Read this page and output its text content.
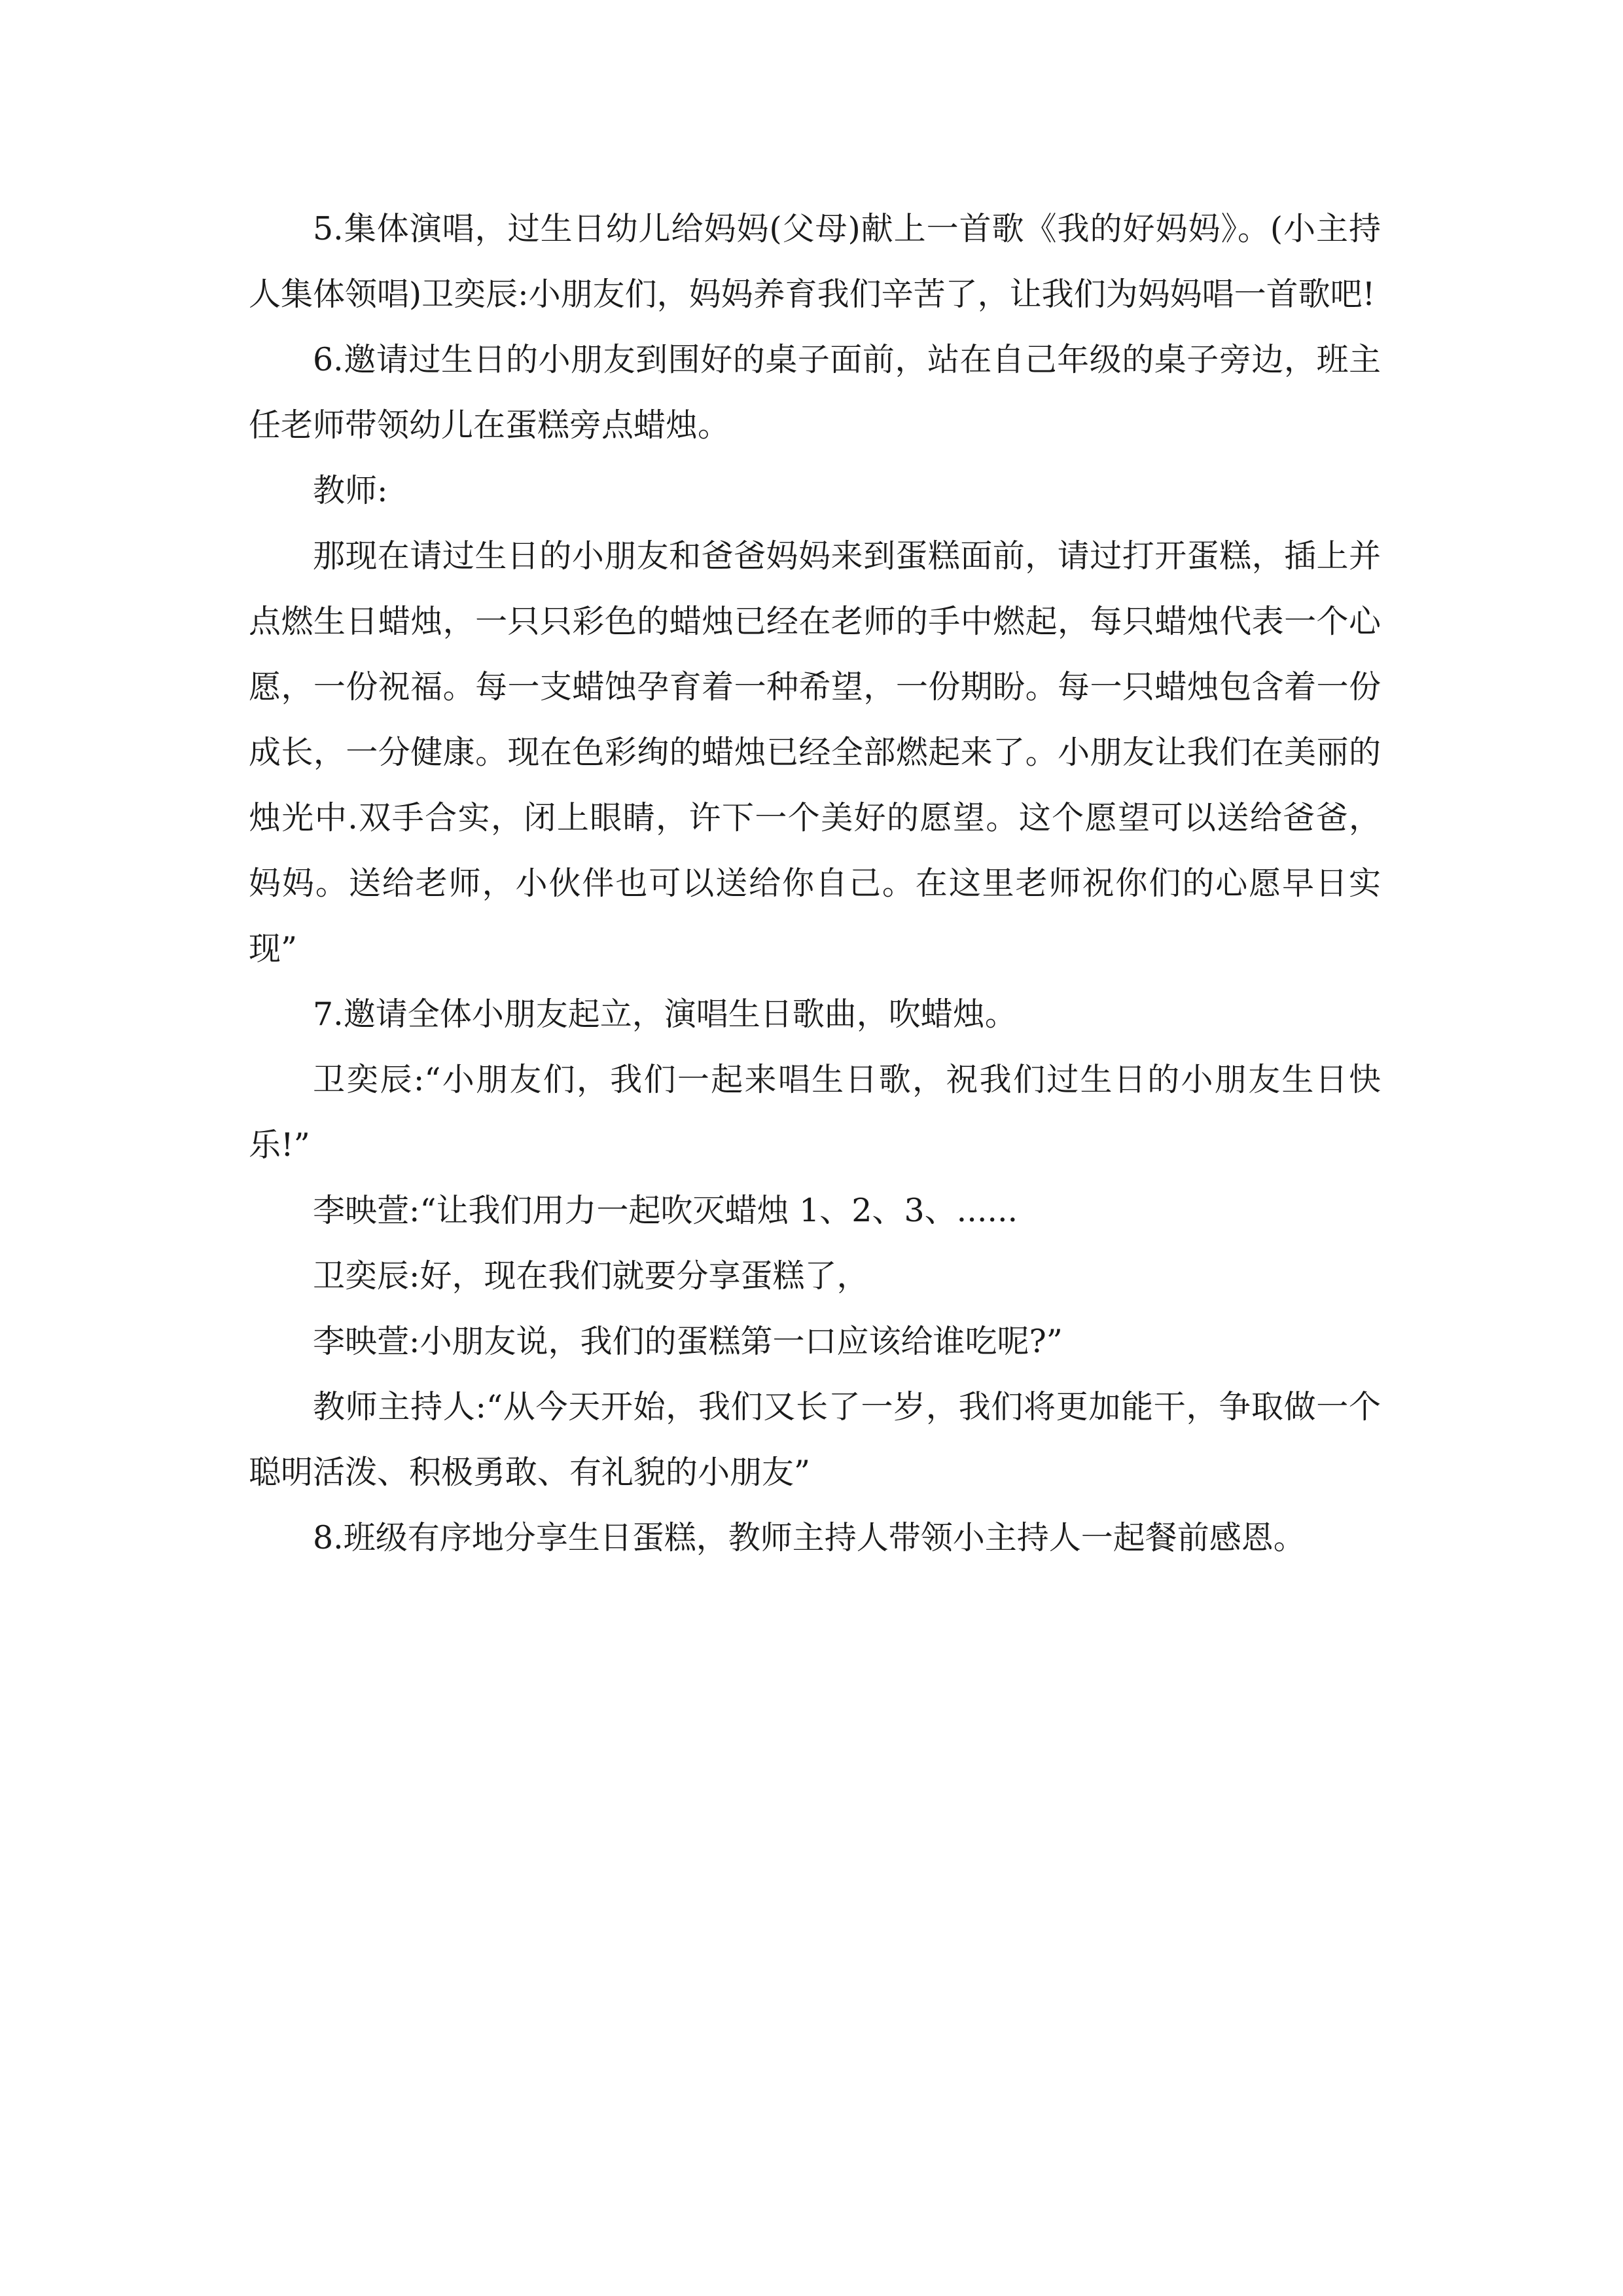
5.集体演唱，过生日幼儿给妈妈(父母)献上一首歌《我的好妈妈》。(小主持人集体领唱)卫奕辰:小朋友们，妈妈养育我们辛苦了，让我们为妈妈唱一首歌吧!

6.邀请过生日的小朋友到围好的桌子面前，站在自己年级的桌子旁边，班主任老师带领幼儿在蛋糕旁点蜡烛。

教师:

那现在请过生日的小朋友和爸爸妈妈来到蛋糕面前，请过打开蛋糕，插上并点燃生日蜡烛，一只只彩色的蜡烛已经在老师的手中燃起，每只蜡烛代表一个心愿，一份祝福。每一支蜡蚀孕育着一种希望，一份期盼。每一只蜡烛包含着一份成长，一分健康。现在色彩绚的蜡烛已经全部燃起来了。小朋友让我们在美丽的烛光中.双手合实，闭上眼睛，许下一个美好的愿望。这个愿望可以送给爸爸，妈妈。送给老师，小伙伴也可以送给你自己。在这里老师祝你们的心愿早日实现”

7.邀请全体小朋友起立，演唱生日歌曲，吹蜡烛。

卫奕辰:“小朋友们，我们一起来唱生日歌，祝我们过生日的小朋友生日快乐!”

李映萱:“让我们用力一起吹灭蜡烛 1、2、3、......

卫奕辰:好，现在我们就要分享蛋糕了，

李映萱:小朋友说，我们的蛋糕第一口应该给谁吃呢?”

教师主持人:“从今天开始，我们又长了一岁，我们将更加能干，争取做一个聪明活泼、积极勇敢、有礼貌的小朋友”

8.班级有序地分享生日蛋糕，教师主持人带领小主持人一起餐前感恩。
